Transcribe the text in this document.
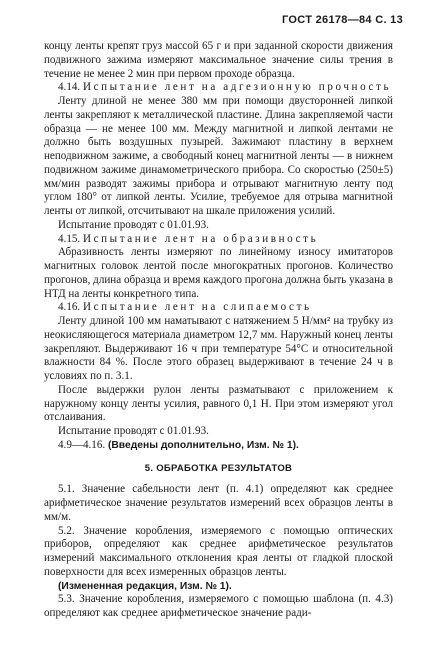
ГОСТ 26178—84 С. 13

концу ленты крепят груз массой 65 г и при заданной скорости движения подвижного зажима измеряют максимальное значение силы трения в течение не менее 2 мин при первом проходе образца.

4.14. Испытание лент на адгезионную прочность

Ленту длиной не менее 380 мм при помощи двусторонней липкой ленты закрепляют к металлической пластине. Длина закрепляемой части образца — не менее 100 мм. Между магнитной и липкой лентами не должно быть воздушных пузырей. Зажимают пластину в верхнем неподвижном зажиме, а свободный конец магнитной ленты — в нижнем подвижном зажиме динамометрического прибора. Со скоростью (250±5) мм/мин разводят зажимы прибора и отрывают магнитную ленту под углом 180° от липкой ленты. Усилие, требуемое для отрыва магнитной ленты от липкой, отсчитывают на шкале приложения усилий.

Испытание проводят с 01.01.93.

4.15. Испытание лент на образивность

Абразивность ленты измеряют по линейному износу имитаторов магнитных головок лентой после многократных прогонов. Количество прогонов, длина образца и время каждого прогона должна быть указана в НТД на ленты конкретного типа.

4.16. Испытание лент на слипаемость

Ленту длиной 100 мм наматывают с натяжением 5 Н/мм² на трубку из неокисляющегося материала диаметром 12,7 мм. Наружный конец ленты закрепляют. Выдерживают 16 ч при температуре 54°С и относительной влажности 84 %. После этого образец выдерживают в течение 24 ч в условиях по п. 3.1.

После выдержки рулон ленты разматывают с приложением к наружному концу ленты усилия, равного 0,1 Н. При этом измеряют угол отслаивания.

Испытание проводят с 01.01.93.

4.9—4.16. (Введены дополнительно, Изм. № 1).

5. ОБРАБОТКА РЕЗУЛЬТАТОВ

5.1. Значение сабельности лент (п. 4.1) определяют как среднее арифметическое значение результатов измерений всех образцов ленты в мм/м.

5.2. Значение коробления, измеряемого с помощью оптических приборов, определяют как среднее арифметическое результатов измерений максимального отклонения края ленты от гладкой плоской поверхности для всех измеренных образцов ленты.

(Измененная редакция, Изм. № 1).

5.3. Значение коробления, измеряемого с помощью шаблона (п. 4.3) определяют как среднее арифметическое значение ради-
